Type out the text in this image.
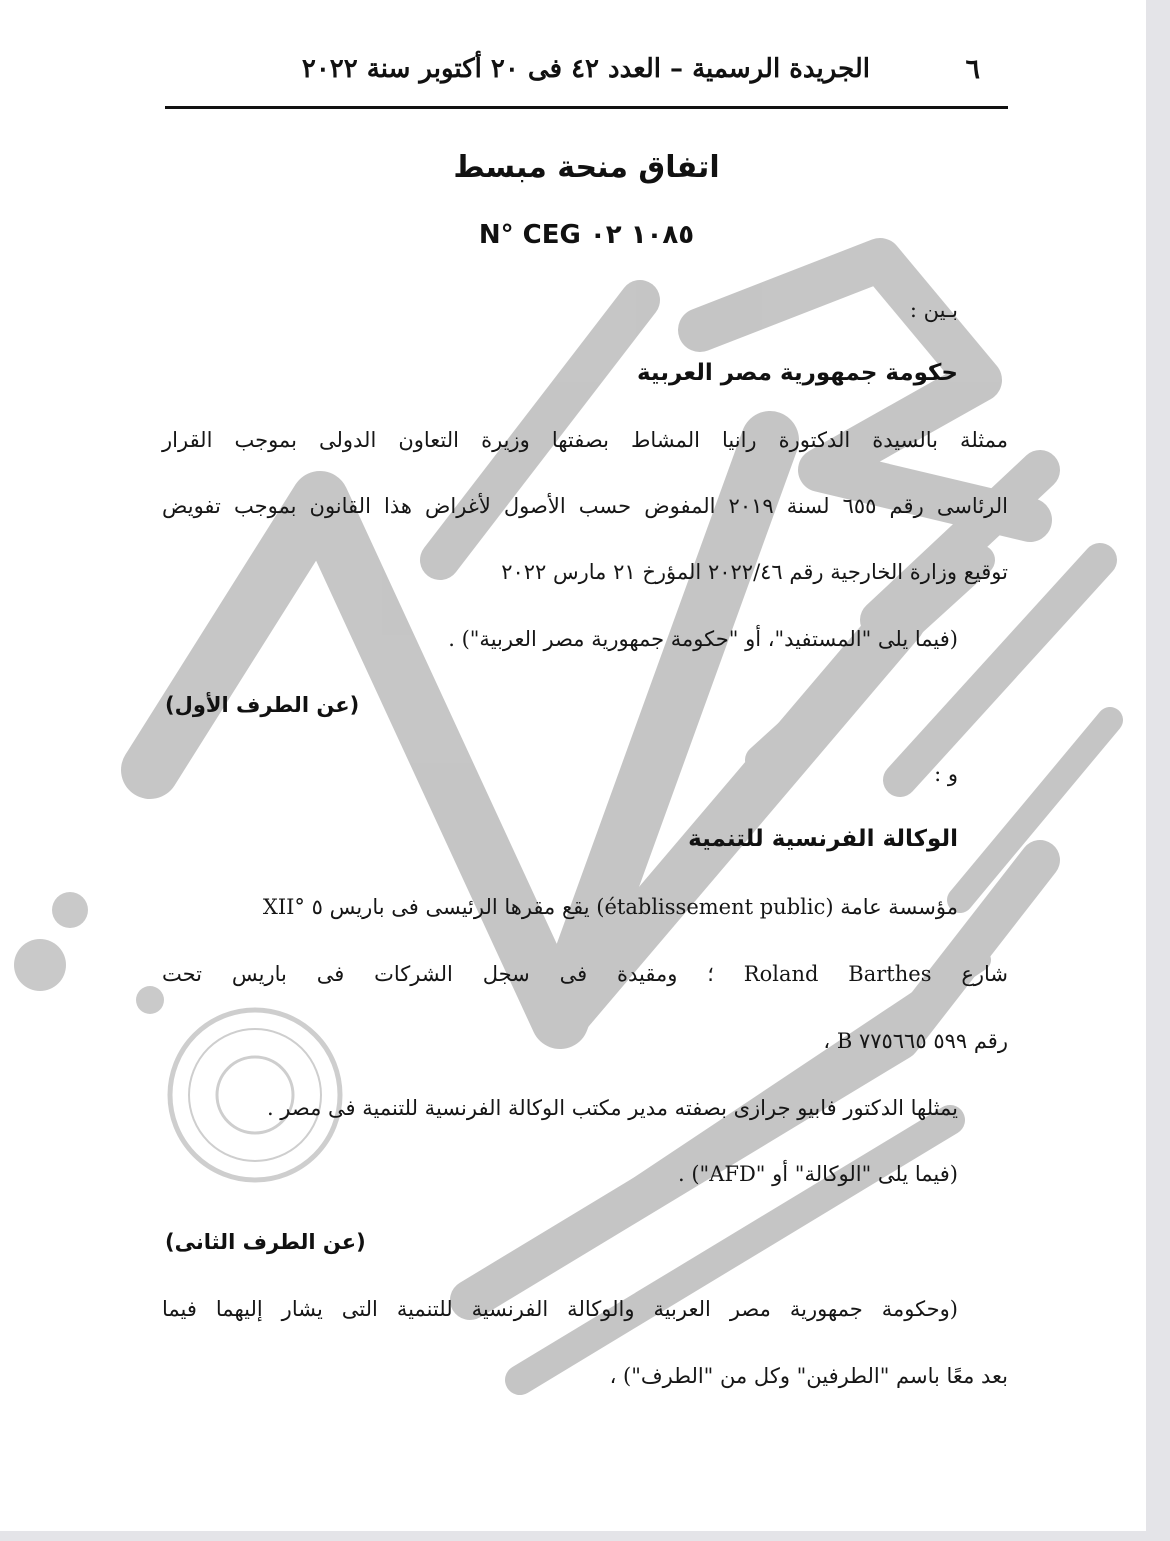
٦
الجريدة الرسمية – العدد ٤٢ فى ٢٠ أكتوبر سنة ٢٠٢٢
اتفاق منحة مبسط
N° CEG ١٠٨٥ ٠٢
بـين :
حكومة جمهورية مصر العربية
ممثلة بالسيدة الدكتورة رانيا المشاط بصفتها وزيرة التعاون الدولى بموجب القرار
الرئاسى رقم ٦٥٥ لسنة ٢٠١٩ المفوض حسب الأصول لأغراض هذا القانون بموجب تفويض
توقيع وزارة الخارجية رقم ٢٠٢٢/٤٦ المؤرخ ٢١ مارس ٢٠٢٢
(فيما يلى "المستفيد"، أو "حكومة جمهورية مصر العربية") .
(عن الطرف الأول)
و :
الوكالة الفرنسية للتنمية
مؤسسة عامة (établissement public) يقع مقرها الرئيسى فى باريس ٥ °XII
شارع Roland Barthes ؛ ومقيدة فى سجل الشركات فى باريس تحت
رقم ٥٩٩ ٧٧٥٦٦٥ B ،
يمثلها الدكتور فابيو جرازى بصفته مدير مكتب الوكالة الفرنسية للتنمية فى مصر .
(فيما يلى "الوكالة" أو "AFD") .
(عن الطرف الثانى)
(وحكومة جمهورية مصر العربية والوكالة الفرنسية للتنمية التى يشار إليهما فيما
بعد معًا باسم "الطرفين" وكل من "الطرف") ،
